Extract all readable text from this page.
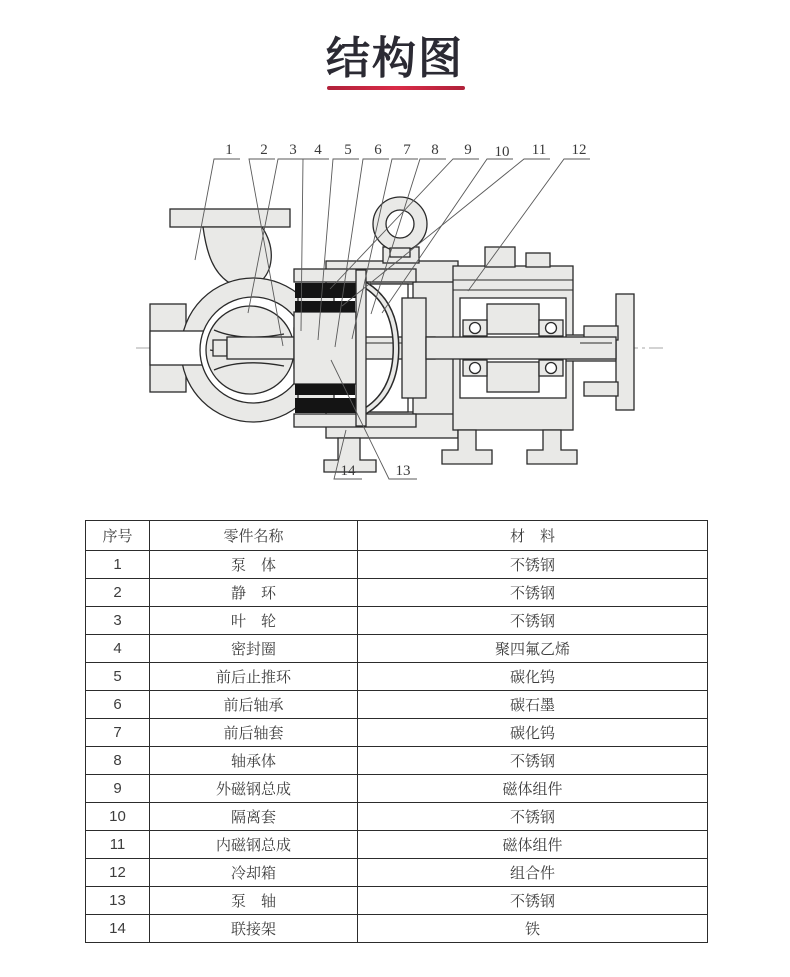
结构图
1 2 3 4 5 6 7 8 9 10 11 12
14	13
序号	零件名称	材　料
1	泵　体	不锈钢
2	静　环	不锈钢
3	叶　轮	不锈钢
4	密封圈	聚四氟乙烯
5	前后止推环	碳化钨
6	前后轴承	碳石墨
7	前后轴套	碳化钨
8	轴承体	不锈钢
9	外磁钢总成	磁体组件
10	隔离套	不锈钢
11	内磁钢总成	磁体组件
12	冷却箱	组合件
13	泵　轴	不锈钢
14	联接架	铁
